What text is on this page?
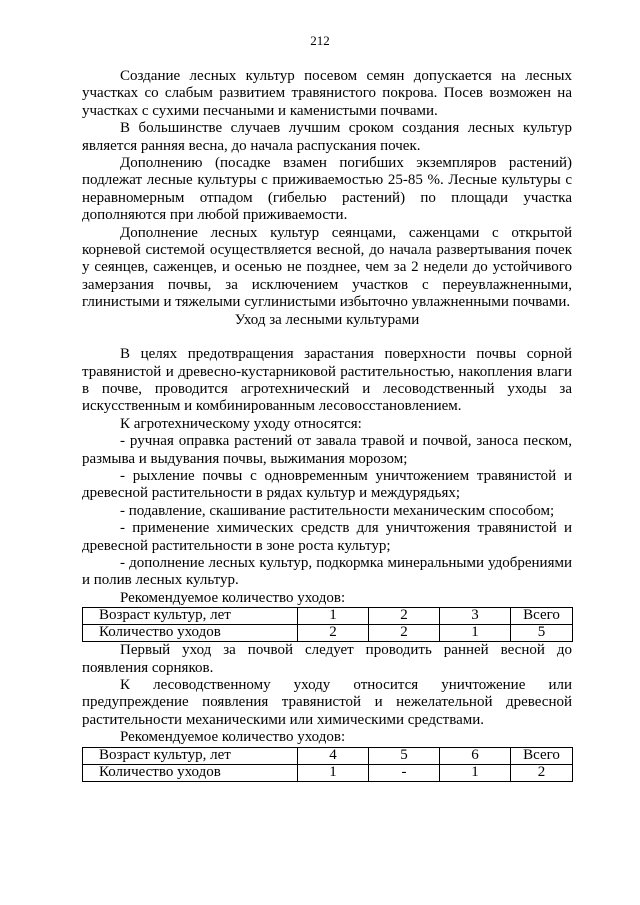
212

Создание лесных культур посевом семян допускается на лесных участках со слабым развитием травянистого покрова. Посев возможен на участках с сухими песчаными и каменистыми почвами.

В большинстве случаев лучшим сроком создания лесных культур является ранняя весна, до начала распускания почек.

Дополнению (посадке взамен погибших экземпляров растений) подлежат лесные культуры с приживаемостью 25-85 %. Лесные культуры с неравномерным отпадом (гибелью растений) по площади участка дополняются при любой приживаемости.

Дополнение лесных культур сеянцами, саженцами с открытой корневой системой осуществляется весной, до начала развертывания почек у сеянцев, саженцев, и осенью не позднее, чем за 2 недели до устойчивого замерзания почвы, за исключением участков с переувлажненными, глинистыми и тяжелыми суглинистыми избыточно увлажненными почвами.

Уход за лесными культурами

В целях предотвращения зарастания поверхности почвы сорной травянистой и древесно-кустарниковой растительностью, накопления влаги в почве, проводится агротехнический и лесоводственный уходы за искусственным и комбинированным лесовосстановлением.

К агротехническому уходу относятся:

- ручная оправка растений от завала травой и почвой, заноса песком, размыва и выдувания почвы, выжимания морозом;

- рыхление почвы с одновременным уничтожением травянистой и древесной растительности в рядах культур и междурядьях;

- подавление, скашивание растительности механическим способом;

- применение химических средств для уничтожения травянистой и древесной растительности в зоне роста культур;

- дополнение лесных культур, подкормка минеральными удобрениями и полив лесных культур.

Рекомендуемое количество уходов:

Возраст культур, лет	1	2	3	Всего
Количество уходов	2	2	1	5

Первый уход за почвой следует проводить ранней весной до появления сорняков.

К лесоводственному уходу относится уничтожение или предупреждение появления травянистой и нежелательной древесной растительности механическими или химическими средствами.

Рекомендуемое количество уходов:

Возраст культур, лет	4	5	6	Всего
Количество уходов	1	-	1	2
